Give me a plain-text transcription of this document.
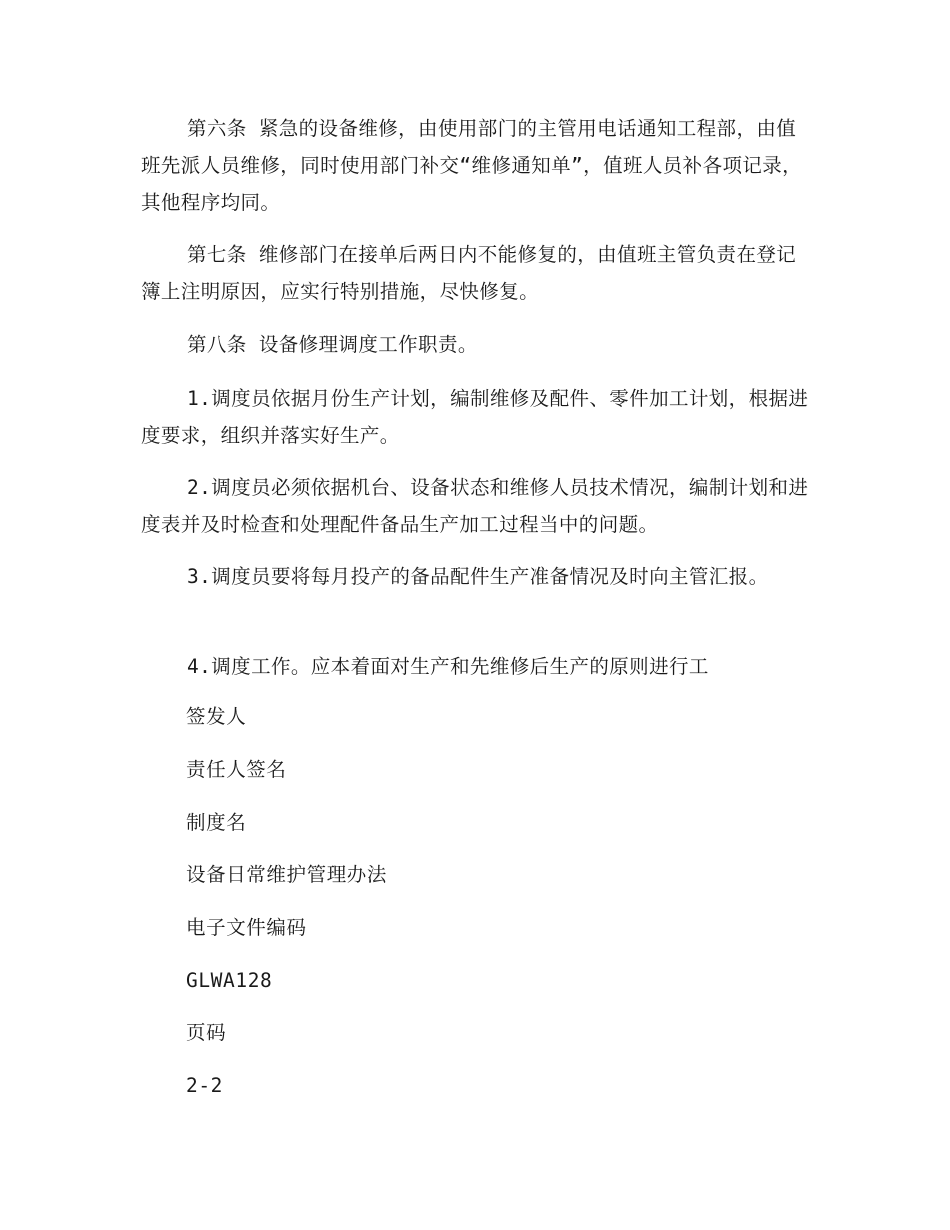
第六条 紧急的设备维修，由使用部门的主管用电话通知工程部，由值班先派人员维修，同时使用部门补交“维修通知单”，值班人员补各项记录，其他程序均同。

第七条 维修部门在接单后两日内不能修复的，由值班主管负责在登记簿上注明原因，应实行特别措施，尽快修复。

第八条 设备修理调度工作职责。

1.调度员依据月份生产计划，编制维修及配件、零件加工计划，根据进度要求，组织并落实好生产。

2.调度员必须依据机台、设备状态和维修人员技术情况，编制计划和进度表并及时检查和处理配件备品生产加工过程当中的问题。

3.调度员要将每月投产的备品配件生产准备情况及时向主管汇报。

4.调度工作。应本着面对生产和先维修后生产的原则进行工

签发人

责任人签名

制度名

设备日常维护管理办法

电子文件编码

GLWA128

页码

2-2
